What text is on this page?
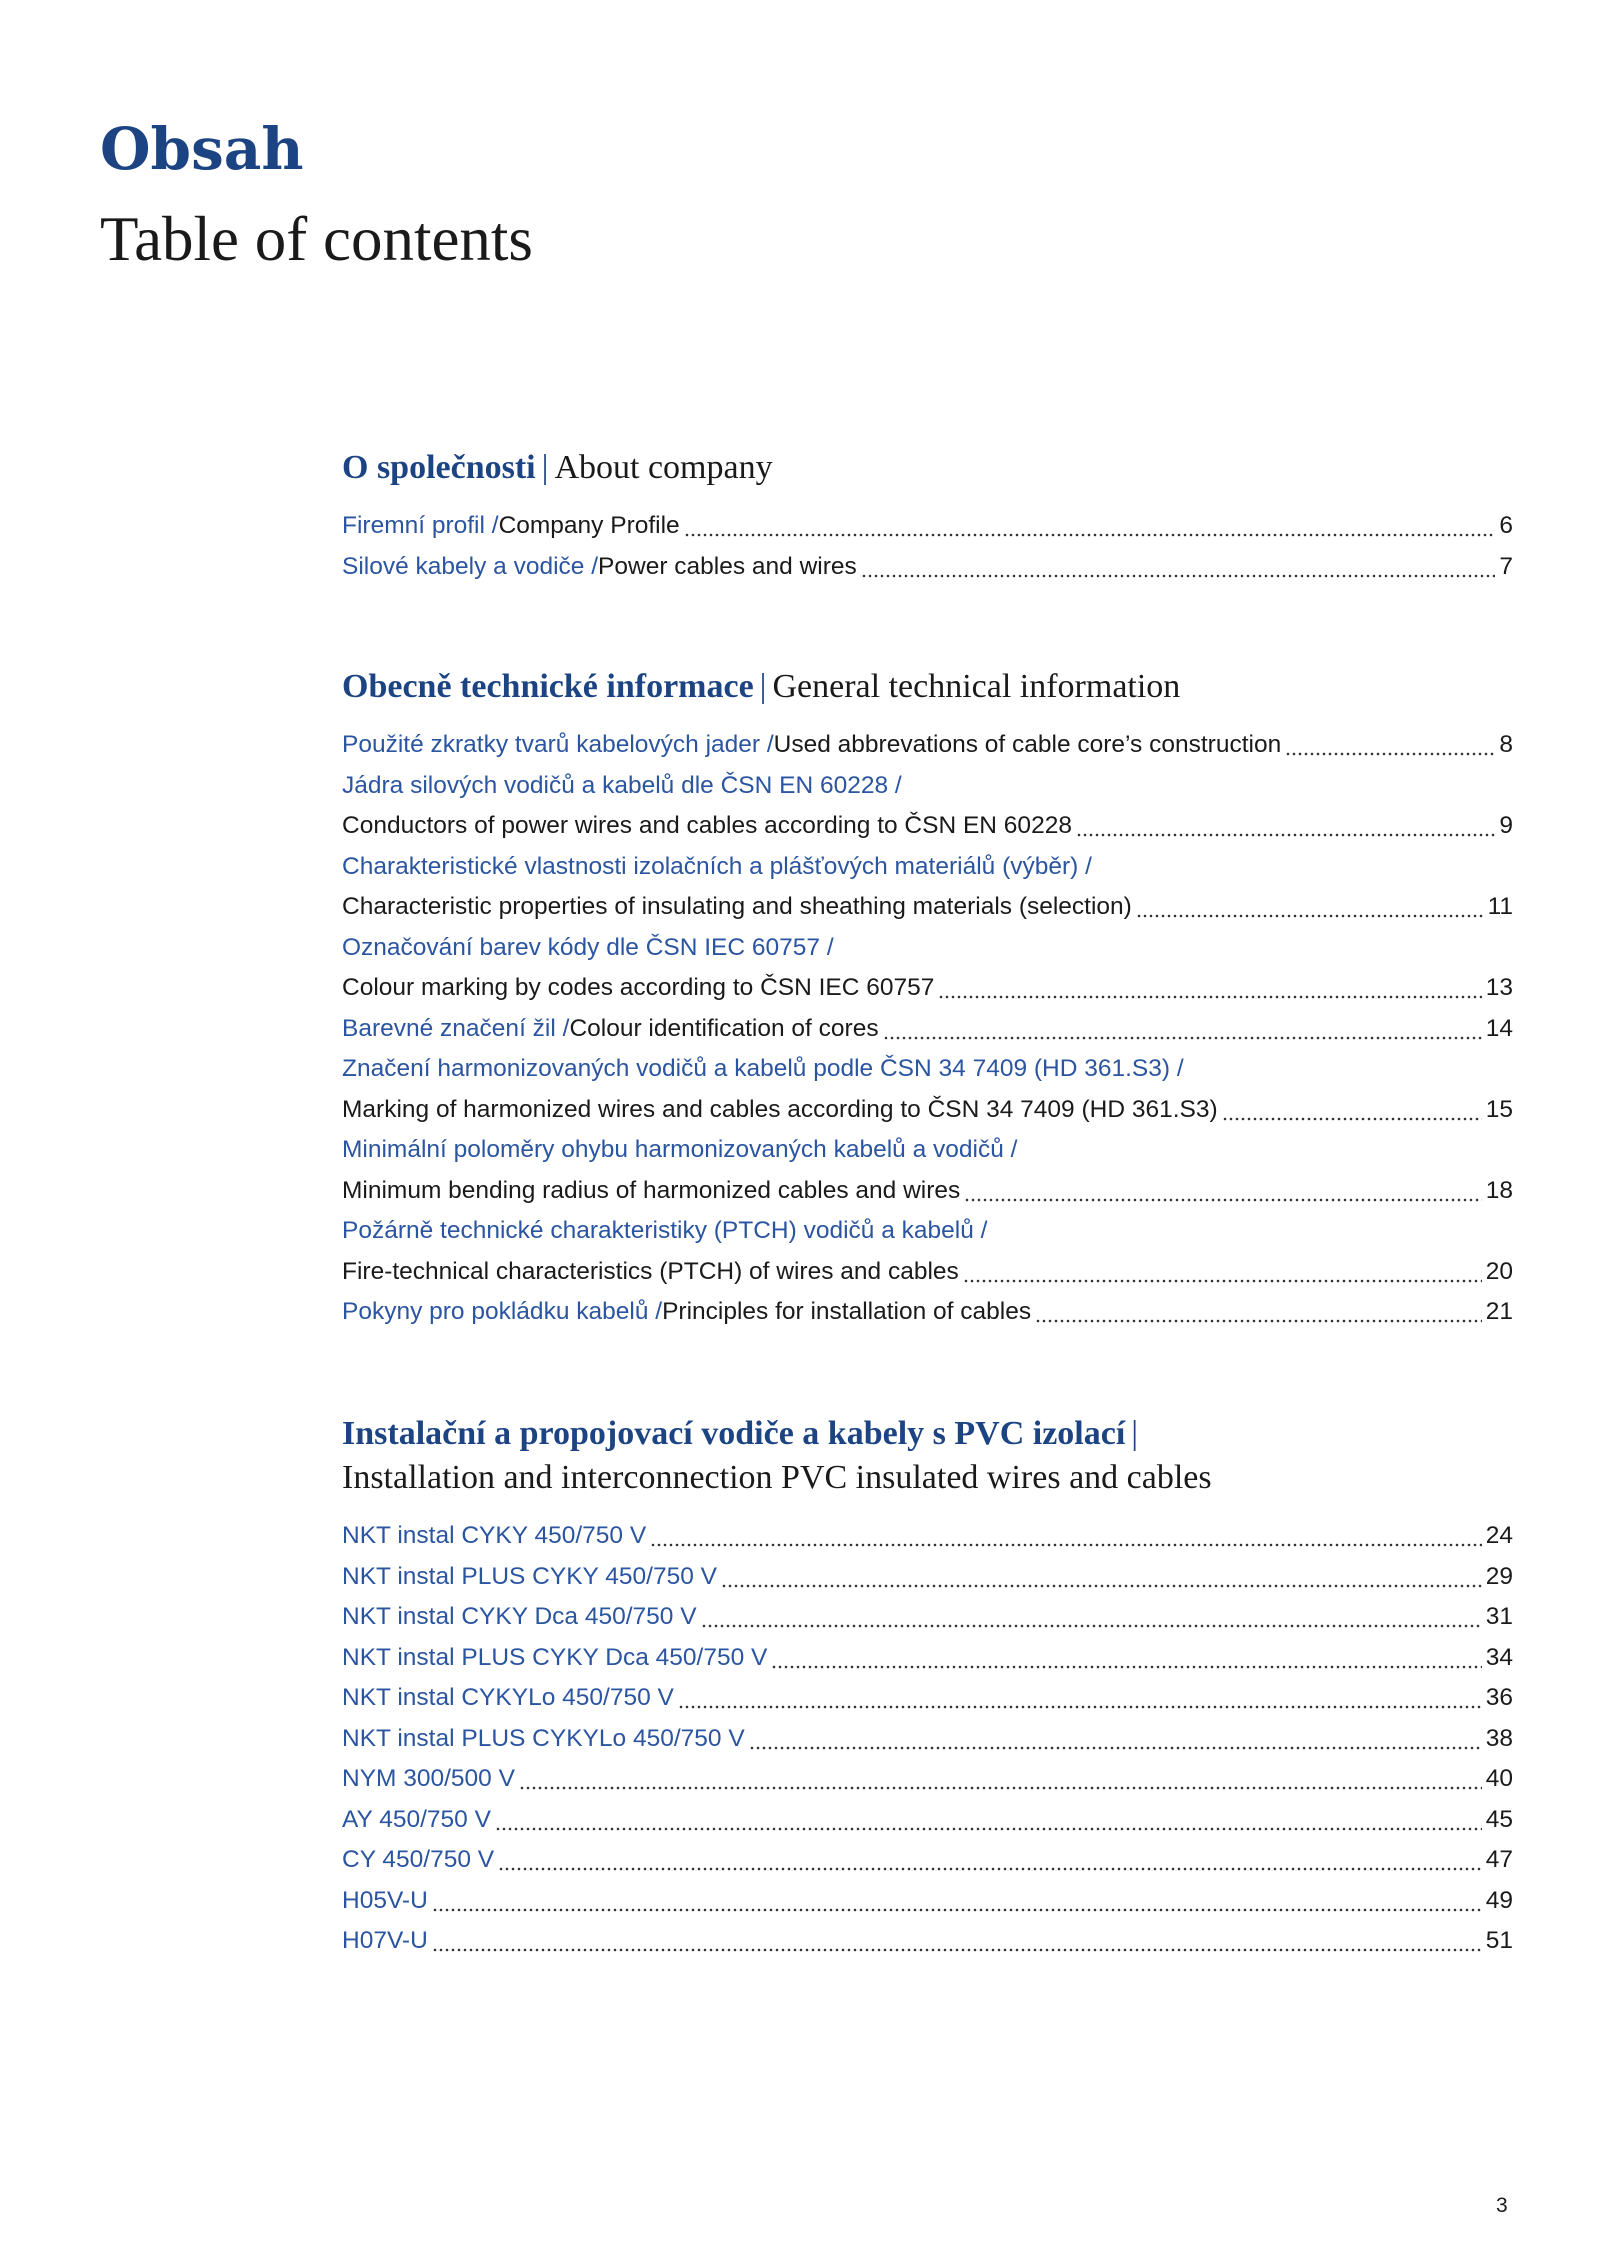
Obsah
Table of contents
O společnosti | About company
Firemní profil / Company Profile	6
Silové kabely a vodiče / Power cables and wires	7
Obecně technické informace | General technical information
Použité zkratky tvarů kabelových jader / Used abbrevations of cable core’s construction	8
Jádra silových vodičů a kabelů dle ČSN EN 60228 /
Conductors of power wires and cables according to ČSN EN 60228	9
Charakteristické vlastnosti izolačních a plášťových materiálů (výběr) /
Characteristic properties of insulating and sheathing materials (selection)	11
Označování barev kódy dle ČSN IEC 60757 /
Colour marking by codes according to ČSN IEC 60757	13
Barevné značení žil / Colour identification of cores	14
Značení harmonizovaných vodičů a kabelů podle ČSN 34 7409 (HD 361.S3) /
Marking of harmonized wires and cables according to ČSN 34 7409 (HD 361.S3)	15
Minimální poloměry ohybu harmonizovaných kabelů a vodičů /
Minimum bending radius of harmonized cables and wires	18
Požárně technické charakteristiky (PTCH) vodičů a kabelů /
Fire-technical characteristics (PTCH) of wires and cables	20
Pokyny pro pokládku kabelů / Principles for installation of cables	21
Instalační a propojovací vodiče a kabely s PVC izolací |
Installation and interconnection PVC insulated wires and cables
NKT instal CYKY 450/750 V	24
NKT instal PLUS CYKY 450/750 V	29
NKT instal CYKY Dca 450/750 V	31
NKT instal PLUS CYKY Dca 450/750 V	34
NKT instal CYKYLo 450/750 V	36
NKT instal PLUS CYKYLo 450/750 V	38
NYM 300/500 V	40
AY 450/750 V	45
CY 450/750 V	47
H05V-U	49
H07V-U	51
3
